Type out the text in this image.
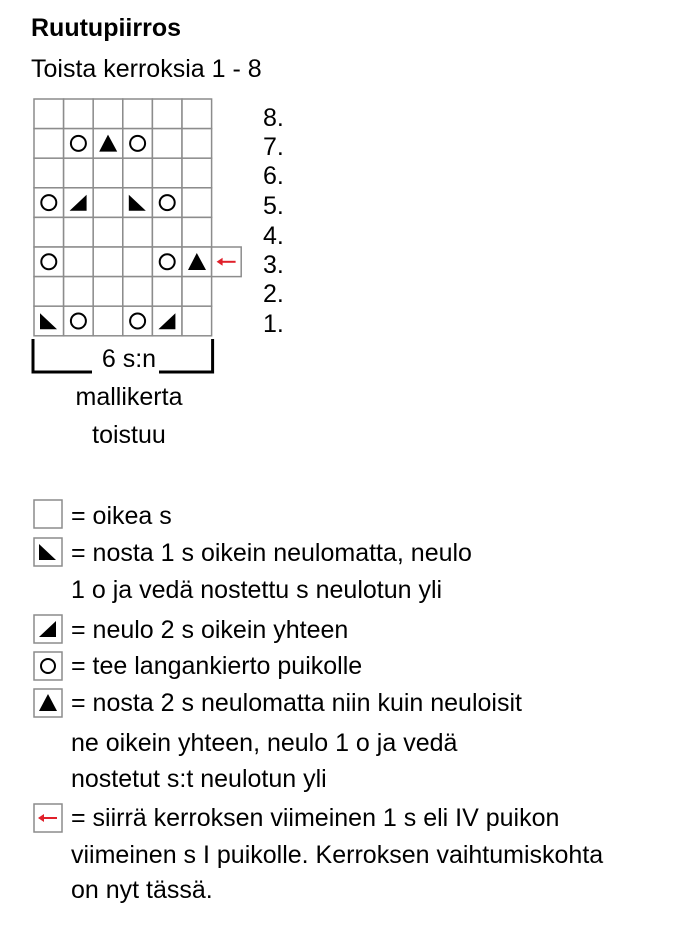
Ruutupiirros
Toista kerroksia 1 - 8
8.
7.
6.
5.
4.
3.
2.
1.
6 s:n
mallikerta
toistuu
= oikea s
= nosta 1 s oikein neulomatta, neulo
1 o ja vedä nostettu s neulotun yli
= neulo 2 s oikein yhteen
= tee langankierto puikolle
= nosta 2 s neulomatta niin kuin neuloisit
ne oikein yhteen, neulo 1 o ja vedä
nostetut s:t neulotun yli
= siirrä kerroksen viimeinen 1 s eli IV puikon
viimeinen s I puikolle. Kerroksen vaihtumiskohta
on nyt tässä.
